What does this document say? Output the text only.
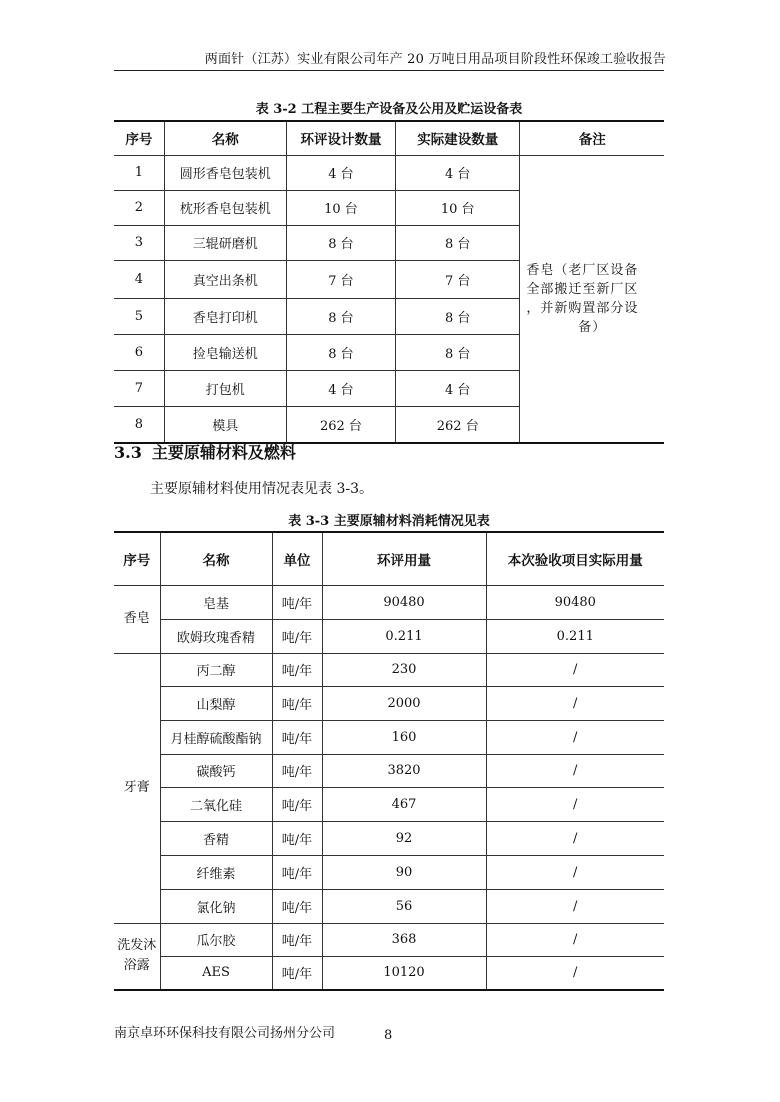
两面针（江苏）实业有限公司年产 20 万吨日用品项目阶段性环保竣工验收报告
表 3-2 工程主要生产设备及公用及贮运设备表
序号	名称	环评设计数量	实际建设数量	备注
1	圆形香皂包装机	4 台	4 台	香皂（老厂区设备
全部搬迁至新厂区
，并新购置部分设
备）

2	枕形香皂包装机	10 台	10 台	
3	三辊研磨机	8 台	8 台	
4	真空出条机	7 台	7 台	
5	香皂打印机	8 台	8 台	
6	捡皂输送机	8 台	8 台	
7	打包机	4 台	4 台	
8	模具	262 台	262 台	
3.3 主要原辅材料及燃料
主要原辅材料使用情况表见表 3-3。
表 3-3 主要原辅材料消耗情况见表
序号	名称	单位	环评用量	本次验收项目实际用量

香皂	皂基	吨/年	90480	90480
	欧姆玫瑰香精	吨/年	0.211	0.211

牙膏	丙二醇	吨/年	230	/
	山梨醇	吨/年	2000	/
	月桂醇硫酸酯钠	吨/年	160	/
	碳酸钙	吨/年	3820	/
	二氧化硅	吨/年	467	/
	香精	吨/年	92	/
	纤维素	吨/年	90	/
	氯化钠	吨/年	56	/

洗发沐
浴露	瓜尔胶	吨/年	368	/
	AES	吨/年	10120	/
南京卓环环保科技有限公司扬州分公司	8
